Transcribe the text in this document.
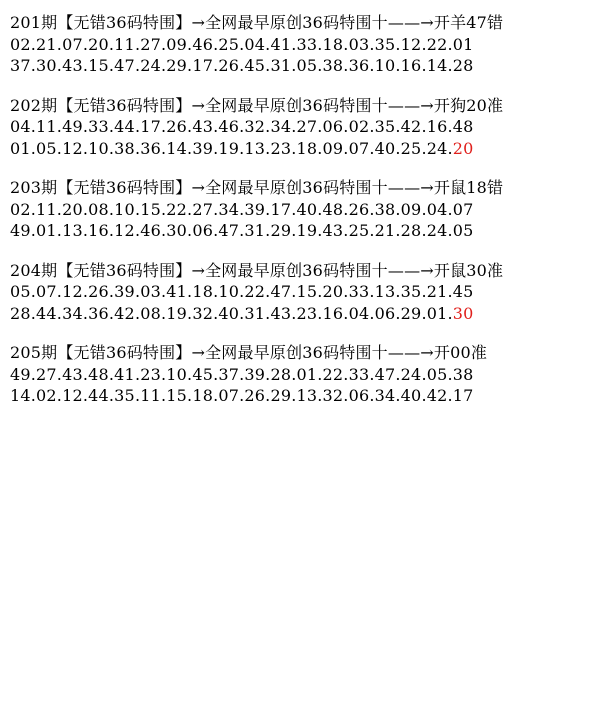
201期【无错36码特围】→全网最早原创36码特围十——→开羊47错
02.21.07.20.11.27.09.46.25.04.41.33.18.03.35.12.22.01
37.30.43.15.47.24.29.17.26.45.31.05.38.36.10.16.14.28
202期【无错36码特围】→全网最早原创36码特围十——→开狗20准
04.11.49.33.44.17.26.43.46.32.34.27.06.02.35.42.16.48
01.05.12.10.38.36.14.39.19.13.23.18.09.07.40.25.24.20
203期【无错36码特围】→全网最早原创36码特围十——→开鼠18错
02.11.20.08.10.15.22.27.34.39.17.40.48.26.38.09.04.07
49.01.13.16.12.46.30.06.47.31.29.19.43.25.21.28.24.05
204期【无错36码特围】→全网最早原创36码特围十——→开鼠30准
05.07.12.26.39.03.41.18.10.22.47.15.20.33.13.35.21.45
28.44.34.36.42.08.19.32.40.31.43.23.16.04.06.29.01.30
205期【无错36码特围】→全网最早原创36码特围十——→开00准
49.27.43.48.41.23.10.45.37.39.28.01.22.33.47.24.05.38
14.02.12.44.35.11.15.18.07.26.29.13.32.06.34.40.42.17
